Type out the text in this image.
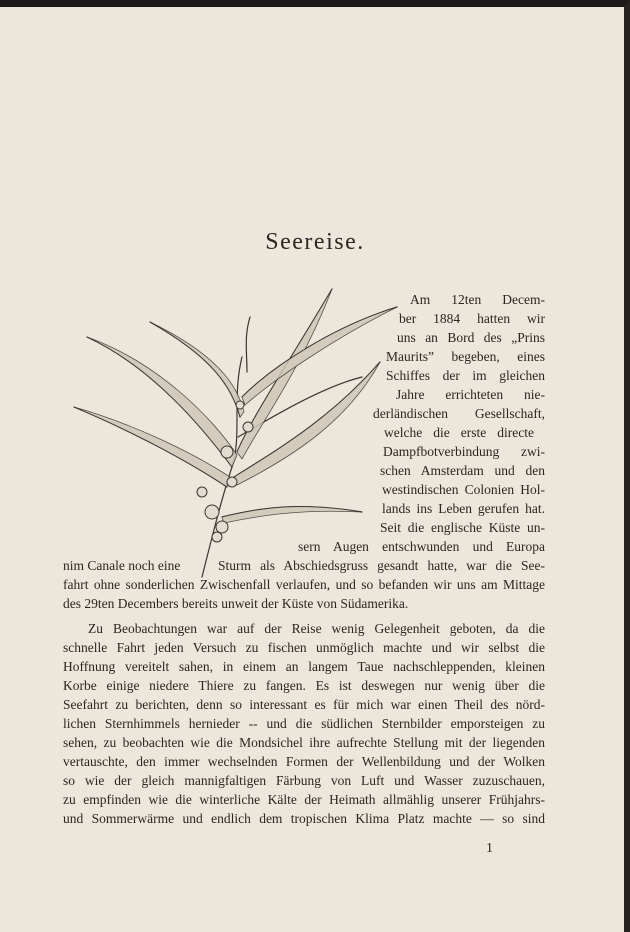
Seereise.
Am 12ten Decem-
ber 1884 hatten wir
uns an Bord des „Prins
Maurits” begeben, eines
Schiffes der im gleichen
Jahre errichteten nie-
derländischen Gesellschaft,
welche die erste directe
Dampfbotverbindung zwi-
schen Amsterdam und den
westindischen Colonien Hol-
lands ins Leben gerufen hat.
Seit die englische Küste un-
sern Augen entschwunden und Europa
nim Canale noch eine	Sturm als Abschiedsgruss gesandt hatte, war die See-
fahrt ohne sonderlichen Zwischenfall verlaufen, und so befanden wir uns am Mittage
des 29ten Decembers bereits unweit der Küste von Südamerika.
Zu Beobachtungen war auf der Reise wenig Gelegenheit geboten, da die
schnelle Fahrt jeden Versuch zu fischen unmöglich machte und wir selbst die
Hoffnung vereitelt sahen, in einem an langem Taue nachschleppenden, kleinen
Korbe einige niedere Thiere zu fangen. Es ist deswegen nur wenig über die
Seefahrt zu berichten, denn so interessant es für mich war einen Theil des nörd-
lichen Sternhimmels hernieder -- und die südlichen Sternbilder emporsteigen zu
sehen, zu beobachten wie die Mondsichel ihre aufrechte Stellung mit der liegenden
vertauschte, den immer wechselnden Formen der Wellenbildung und der Wolken
so wie der gleich mannigfaltigen Färbung von Luft und Wasser zuzuschauen,
zu empfinden wie die winterliche Kälte der Heimath allmählig unserer Frühjahrs-
und Sommerwärme und endlich dem tropischen Klima Platz machte — so sind
1
